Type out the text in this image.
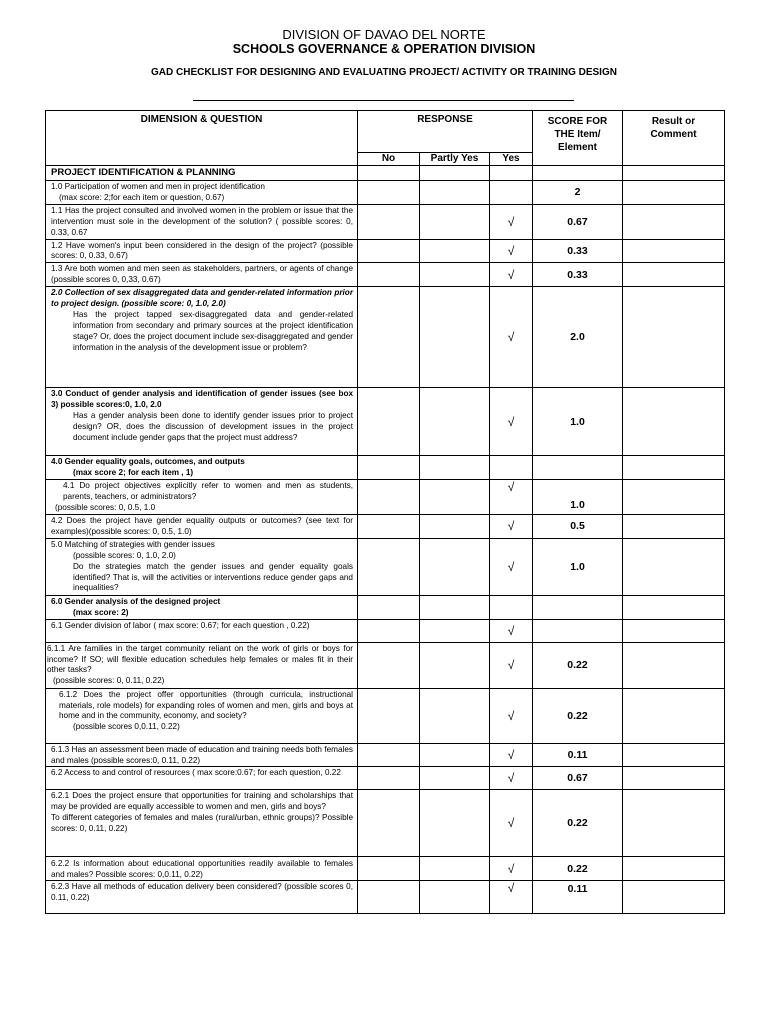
DIVISION OF DAVAO DEL NORTE
SCHOOLS GOVERNANCE & OPERATION DIVISION
GAD CHECKLIST FOR DESIGNING AND EVALUATING PROJECT/ ACTIVITY OR TRAINING DESIGN
DIMENSION & QUESTION	RESPONSE			SCORE FOR THE Item/ Element	Result or Comment
	No	Partly Yes	Yes		
PROJECT IDENTIFICATION & PLANNING					
1.0 Participation of women and men in project identification
(max score: 2;for each item or question, 0.67)				2	
1.1 Has the project consulted and involved women in the problem or issue that the intervention must sole in the development of the solution? ( possible scores: 0, 0.33, 0.67			√	0.67	
1.2 Have women's input been considered in the design of the project? (possible scores: 0, 0.33, 0.67)			√	0.33	
1.3 Are both women and men seen as stakeholders, partners, or agents of change (possible scores 0, 0,33, 0.67)			√	0.33	
2.0 Collection of sex disaggregated data and gender-related information prior to project design. (possible score: 0, 1.0, 2.0)
Has the project tapped sex-disaggregated data and gender-related information from secondary and primary sources at the project identification stage? Or, does the project document include sex-disaggregated and gender information in the analysis of the development issue or problem?			√	2.0	
3.0 Conduct of gender analysis and identification of gender issues (see box 3) possible scores:0, 1.0, 2.0
Has a gender analysis been done to identify gender issues prior to project design? OR, does the discussion of development issues in the project document include gender gaps that the project must address?			√	1.0	
4.0 Gender equality goals, outcomes, and outputs
(max score 2; for each item , 1)					

4.1 Do project objectives explicitly refer to women and men as students, parents, teachers, or administrators?
(possible scores: 0, 0.5, 1.0			√	1.0	
4.2 Does the project have gender equality outputs or outcomes? (see text for examples)(possible scores: 0, 0.5, 1.0)			√	0.5	
5.0 Matching of strategies with gender issues
(possible scores: 0, 1.0, 2.0)
Do the strategies match the gender issues and gender equality goals identified? That is, will the activities or interventions reduce gender gaps and inequalities?			√	1.0	
6.0 Gender analysis of the designed project
(max score: 2)					

6.1 Gender division of labor ( max score: 0.67; for each question , 0.22)			√		
6.1.1 Are families in the target community reliant on the work of girls or boys for income? If SO; will flexible education schedules help females or males fit in their other tasks?
(possible scores: 0, 0.11, 0.22)			√	0.22	

6.1.2 Does the project offer opportunities (through curricula, instructional materials, role models) for expanding roles of women and men, girls and boys at home and in the community, economy, and society?
(possible scores 0,0.11, 0.22)			√	0.22	
6.1.3 Has an assessment been made of education and training needs both females and males (possible scores:0, 0.11, 0.22)			√	0.11	
6.2 Access to and control of resources ( max score:0.67; for each question, 0.22			√	0.67	
6.2.1 Does the project ensure that opportunities for training and scholarships that may be provided are equally accessible to women and men, girls and boys?
To different categories of females and males (rural/urban, ethnic groups)? Possible scores: 0, 0.11, 0.22)			√	0.22	
6.2.2 Is information about educational opportunities readily available to females and males? Possible scores: 0,0.11, 0.22)			√	0.22	
6.2.3 Have all methods of education delivery been considered? (possible scores 0, 0.11, 0.22)			√	0.11	
